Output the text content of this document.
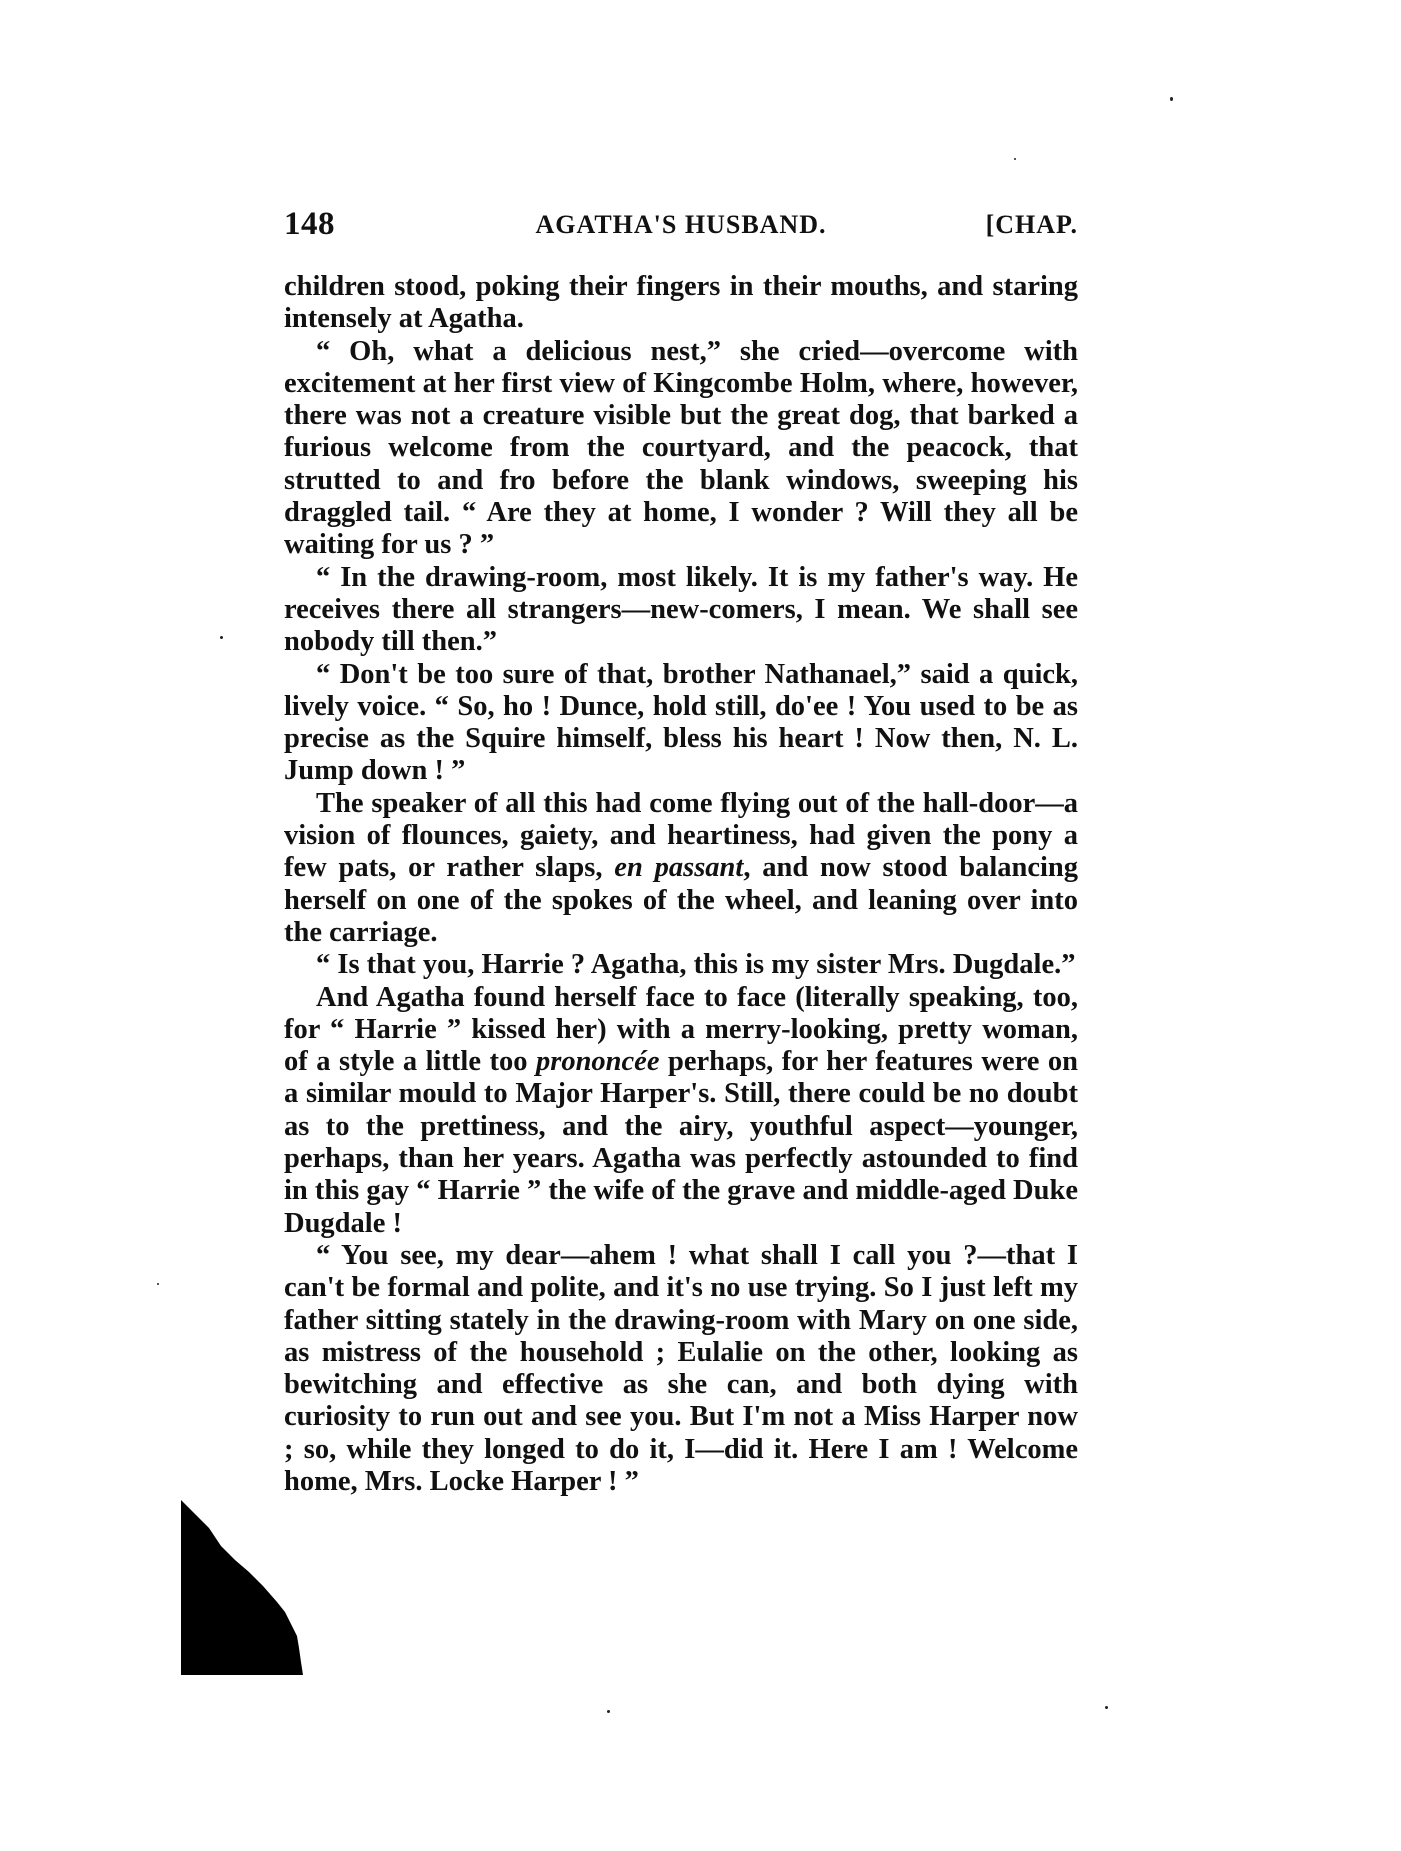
148	AGATHA'S HUSBAND.	[CHAP.

children stood, poking their fingers in their mouths, and staring intensely at Agatha.

“ Oh, what a delicious nest,” she cried—overcome with excitement at her first view of Kingcombe Holm, where, however, there was not a creature visible but the great dog, that barked a furious welcome from the courtyard, and the peacock, that strutted to and fro before the blank windows, sweeping his draggled tail. “ Are they at home, I wonder ? Will they all be waiting for us ? ”

“ In the drawing-room, most likely. It is my father's way. He receives there all strangers—new-comers, I mean. We shall see nobody till then.”

“ Don't be too sure of that, brother Nathanael,” said a quick, lively voice. “ So, ho ! Dunce, hold still, do'ee ! You used to be as precise as the Squire himself, bless his heart ! Now then, N. L. Jump down ! ”

The speaker of all this had come flying out of the hall-door—a vision of flounces, gaiety, and heartiness, had given the pony a few pats, or rather slaps, en passant, and now stood balancing herself on one of the spokes of the wheel, and leaning over into the carriage.

“ Is that you, Harrie ? Agatha, this is my sister Mrs. Dugdale.”

And Agatha found herself face to face (literally speaking, too, for “ Harrie ” kissed her) with a merry-looking, pretty woman, of a style a little too prononcée perhaps, for her features were on a similar mould to Major Harper's. Still, there could be no doubt as to the prettiness, and the airy, youthful aspect—younger, perhaps, than her years. Agatha was perfectly astounded to find in this gay “ Harrie ” the wife of the grave and middle-aged Duke Dugdale !

“ You see, my dear—ahem ! what shall I call you ?—that I can't be formal and polite, and it's no use trying. So I just left my father sitting stately in the drawing-room with Mary on one side, as mistress of the household ; Eulalie on the other, looking as bewitching and effective as she can, and both dying with curiosity to run out and see you. But I'm not a Miss Harper now ; so, while they longed to do it, I—did it. Here I am ! Welcome home, Mrs. Locke Harper ! ”
